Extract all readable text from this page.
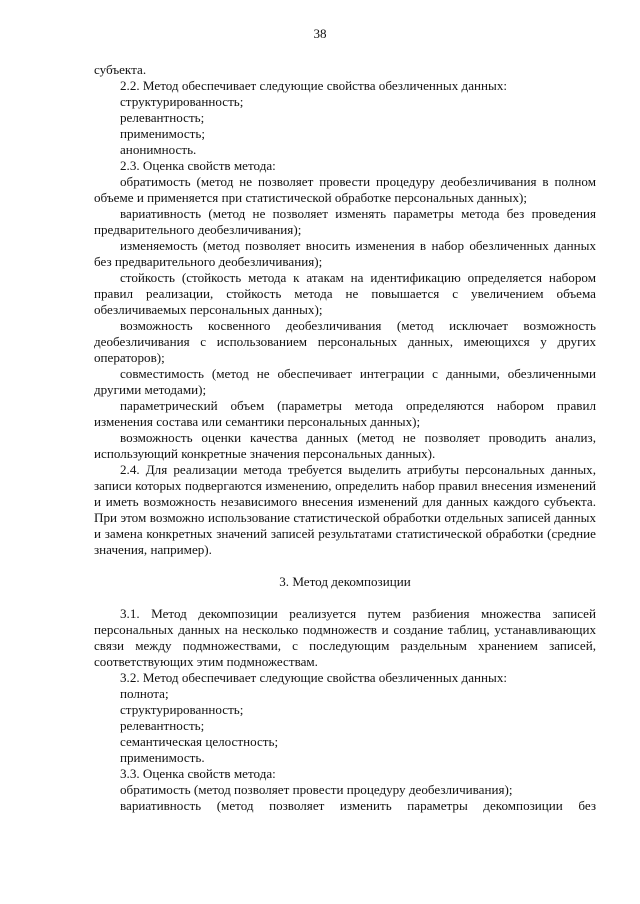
38

субъекта.

2.2. Метод обеспечивает следующие свойства обезличенных данных:

структурированность;

релевантность;

применимость;

анонимность.

2.3. Оценка свойств метода:

обратимость (метод не позволяет провести процедуру деобезличивания в полном объеме и применяется при статистической обработке персональных данных);

вариативность (метод не позволяет изменять параметры метода без проведения предварительного деобезличивания);

изменяемость (метод позволяет вносить изменения в набор обезличенных данных без предварительного деобезличивания);

стойкость (стойкость метода к атакам на идентификацию определяется набором правил реализации, стойкость метода не повышается с увеличением объема обезличиваемых персональных данных);

возможность косвенного деобезличивания (метод исключает возможность деобезличивания с использованием персональных данных, имеющихся у других операторов);

совместимость (метод не обеспечивает интеграции с данными, обезличенными другими методами);

параметрический объем (параметры метода определяются набором правил изменения состава или семантики персональных данных);

возможность оценки качества данных (метод не позволяет проводить анализ, использующий конкретные значения персональных данных).

2.4. Для реализации метода требуется выделить атрибуты персональных данных, записи которых подвергаются изменению, определить набор правил внесения изменений и иметь возможность независимого внесения изменений для данных каждого субъекта. При этом возможно использование статистической обработки отдельных записей данных и замена конкретных значений записей результатами статистической обработки (средние значения, например).

3. Метод декомпозиции

3.1. Метод декомпозиции реализуется путем разбиения множества записей персональных данных на несколько подмножеств и создание таблиц, устанавливающих связи между подмножествами, с последующим раздельным хранением записей, соответствующих этим подмножествам.

3.2. Метод обеспечивает следующие свойства обезличенных данных:

полнота;

структурированность;

релевантность;

семантическая целостность;

применимость.

3.3. Оценка свойств метода:

обратимость (метод позволяет провести процедуру деобезличивания);

вариативность (метод позволяет изменить параметры декомпозиции без
